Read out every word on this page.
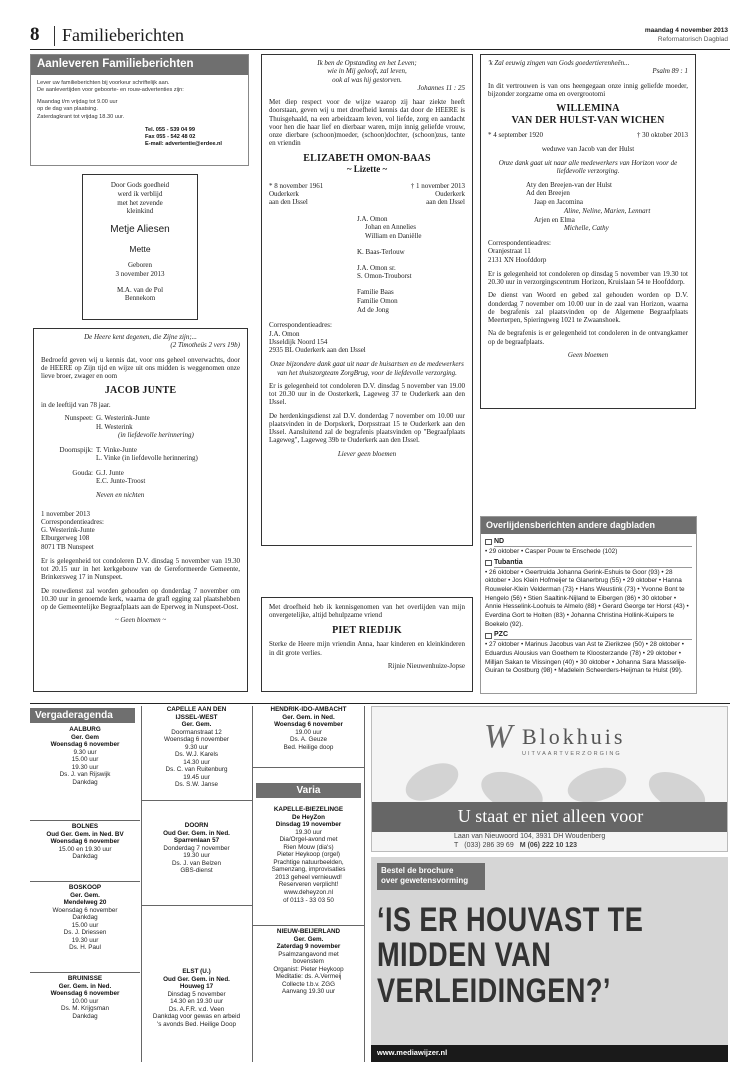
8 Familieberichten	maandag 4 november 2013
Reformatorisch Dagblad
Aanleveren Familieberichten
Lever uw familieberichten bij voorkeur schriftelijk aan.
De aanlevertijden voor geboorte- en rouw-advertenties zijn:
Maandag t/m vrijdag tot 9.00 uur
op de dag van plaatsing.
Zaterdagkrant tot vrijdag 18.30 uur.
Tel. 055 - 539 04 99
Fax 055 - 542 48 02
E-mail: advertentie@erdee.nl
Door Gods goedheid
werd ik verblijd
met het zevende
kleinkind
Metje Aliesen
Mette
Geboren
3 november 2013
M.A. van de Pol
Bennekom
De Heere kent degenen, die Zijne zijn;...
(2 Timotheüs 2 vers 19b)

Bedroefd geven wij u kennis dat, voor ons geheel onverwachts, door de HEERE op Zijn tijd en wijze uit ons midden is weggenomen onze lieve broer, zwager en oom

JACOB JUNTE

in de leeftijd van 78 jaar.

Nunspeet: G. Westerink-Junte
H. Westerink
(in liefdevolle herinnering)
Doornspijk: T. Vinke-Junte
L. Vinke (in liefdevolle herinnering)
Gouda: G.J. Junte
E.C. Junte-Troost
Neven en nichten
1 november 2013
Correspondentieadres:
G. Westerink-Junte
Elburgerweg 108
8071 TB Nunspeet

Er is gelegenheid tot condoleren D.V. dinsdag 5 november van 19.30 tot 20.15 uur in het kerkgebouw van de Gereformeerde Gemeente, Brinkersweg 17 in Nunspeet.

De rouwdienst zal worden gehouden op donderdag 7 november om 10.30 uur in genoemde kerk, waarna de grafl egging zal plaatshebben op de Gemeentelijke Begraafplaats aan de Eperweg in Nunspeet-Oost.

~ Geen bloemen ~
Ik ben de Opstanding en het Leven;
wie in Mij gelooft, zal leven,
ook al was hij gestorven.
Johannes 11 : 25

Met diep respect voor de wijze waarop zij haar ziekte heeft doorstaan, geven wij u met droefheid kennis dat door de HEERE is Thuisgehaald, na een arbeidzaam leven, vol liefde, zorg en aandacht voor hen die haar lief en dierbaar waren, mijn innig geliefde vrouw, onze dierbare (schoon)moeder, (schoon)dochter, (schoon)zus, tante en vriendin

ELIZABETH OMON-BAAS
~ Lizette ~
* 8 november 1961
Ouderkerk
aan den IJssel
† 1 november 2013
Ouderkerk
aan den IJssel
J.A. Omon
Johan en Annelies
William en Daniëlle
K. Baas-Terlouw
J.A. Omon sr.
S. Omon-Trouborst
Familie Baas
Familie Omon
Ad de Jong
Correspondentieadres:
J.A. Omon
IJsseldijk Noord 154
2935 BL Ouderkerk aan den IJssel

Onze bijzondere dank gaat uit naar de huisartsen en de medewerkers van het thuiszorgteam ZorgBrug, voor de liefdevolle verzorging.

Er is gelegenheid tot condoleren D.V. dinsdag 5 november van 19.00 tot 20.30 uur in de Oosterkerk, Lageweg 37 te Ouderkerk aan den IJssel.

De herdenkingsdienst zal D.V. donderdag 7 november om 10.00 uur plaatsvinden in de Dorpskerk, Dorpsstraat 15 te Ouderkerk aan den IJssel. Aansluitend zal de begrafenis plaatsvinden op "Begraafplaats Lageweg", Lageweg 39b te Ouderkerk aan den IJssel.

Liever geen bloemen

Met droefheid heb ik kennisgenomen van het overlijden van mijn onvergetelijke, altijd behulpzame vriend

PIET RIEDIJK

Sterke de Heere mijn vriendin Anna, haar kinderen en kleinkinderen in dit grote verlies.

Rijnie Nieuwenhuize-Jopse
'k Zal eeuwig zingen van Gods goedertierenheên...
Psalm 89 : 1

In dit vertrouwen is van ons heengegaan onze innig geliefde moeder, bijzonder zorgzame oma en overgrootomi

WILLEMINA
VAN DER HULST-VAN WICHEN
* 4 september 1920	† 30 oktober 2013
weduwe van Jacob van der Hulst

Onze dank gaat uit naar alle medewerkers van Horizon voor de liefdevolle verzorging.

Aty den Breejen-van der Hulst
Ad den Breejen
Jaap en Jacomina
Aline, Neline, Marien, Lennart
Arjen en Elma
Michelle, Cathy
Correspondentieadres:
Oranjestraat 11
2131 XN Hoofddorp

Er is gelegenheid tot condoleren op dinsdag 5 november van 19.30 tot 20.30 uur in verzorgingscentrum Horizon, Kruislaan 54 te Hoofddorp.

De dienst van Woord en gebed zal gehouden worden op D.V. donderdag 7 november om 10.00 uur in de zaal van Horizon, waarna de begrafenis zal plaatsvinden op de Algemene Begraafplaats Meerterpen, Spieringweg 1021 te Zwaanshoek.

Na de begrafenis is er gelegenheid tot condoleren in de ontvangkamer op de begraafplaats.

Geen bloemen
Overlijdensberichten andere dagbladen
ND
• 29 oktober • Casper Pouw te Enschede (102)
Tubantia
• 26 oktober • Geertruida Johanna Gerink-Eshuis te Goor (93) • 28 oktober • Jos Klein Hofmeijer te Glanerbrug (55) • 29 oktober • Hanna Rouweler-Klein Velderman (73) • Hans Weustink (73) • Yvonne Bont te Hengelo (56) • Stien Saaltink-Nijland te Eibergen (86) • 30 oktober • Annie Hesselink-Loohuis te Almelo (88) • Gerard George ter Horst (43) • Everdina Gort te Holten (83) • Johanna Christina Hollink-Kuipers te Boekelo (92).
PZC
• 27 oktober • Marinus Jacobus van Ast te Zierikzee (50) • 28 oktober • Eduardus Alousius van Goethem te Kloosterzande (78) • 29 oktober • Milljan Sakan te Vlissingen (40) • 30 oktober • Johanna Sara Masselije-Guiran te Oostburg (98) • Madelein Scheerders-Heijman te Hulst (99).
Vergaderagenda
Varia
AALBURG
Ger. Gem
Woensdag 6 november
9.30 uur
15.00 uur
19.30 uur
Ds. J. van Rijswijk
Dankdag
BOLNES
Oud Ger. Gem. in Ned. BV
Woensdag 6 november
15.00 en 19.30 uur
Dankdag
BOSKOOP
Ger. Gem.
Mendelweg 20
Woensdag 6 november
Dankdag
15.00 uur
Ds. J. Driessen
19.30 uur
Ds. H. Paul
BRUINISSE
Ger. Gem. in Ned.
Woensdag 6 november
10.00 uur
Ds. M. Krijgsman
Dankdag
CAPELLE AAN DEN
IJSSEL-WEST
Ger. Gem.
Doormanstraat 12
Woensdag 6 november
9.30 uur
Ds. W.J. Karels
14.30 uur
Ds. C. van Ruitenburg
19.45 uur
Ds. S.W. Janse
DOORN
Oud Ger. Gem. in Ned.
Sparrenlaan 57
Donderdag 7 november
19.30 uur
Ds. J. van Belzen
GBS-dienst
ELST (U.)
Oud Ger. Gem. in Ned.
Houweg 17
Dinsdag 5 november
14.30 en 19.30 uur
Ds. A.F.R. v.d. Veen
Dankdag voor gewas en arbeid
's avonds Bed. Heilige Doop
HENDRIK-IDO-AMBACHT
Ger. Gem. in Ned.
Woensdag 6 november
19.00 uur
Ds. A. Geuze
Bed. Heilige doop
KAPELLE-BIEZELINGE
De HeyZon
Dinsdag 19 november
19.30 uur
Dia/Orgel-avond met
Rien Mouw (dia's)
Pieter Heykoop (orgel)
Prachtige natuurbeelden,
Samenzang, improvisaties
2013 geheel vernieuwd!
Reserveren verplicht!
www.deheyzon.nl
of 0113 - 33 03 50
NIEUW-BEIJERLAND
Ger. Gem.
Zaterdag 9 november
Psalmzangavond met
bovenstem
Organist: Pieter Heykoop
Meditatie: ds. A.Vermeij
Collecte t.b.v. ZGG
Aanvang 19.30 uur
W Blokhuis
UITVAARTVERZORGING
U staat er niet alleen voor
Laan van Nieuwoord 104, 3931 DH Woudenberg
T (033) 286 39 69 M (06) 222 10 123
Bestel de brochure
over gewetensvorming
‘IS ER HOUVAST TE
MIDDEN VAN
VERLEIDINGEN?’
www.mediawijzer.nl
